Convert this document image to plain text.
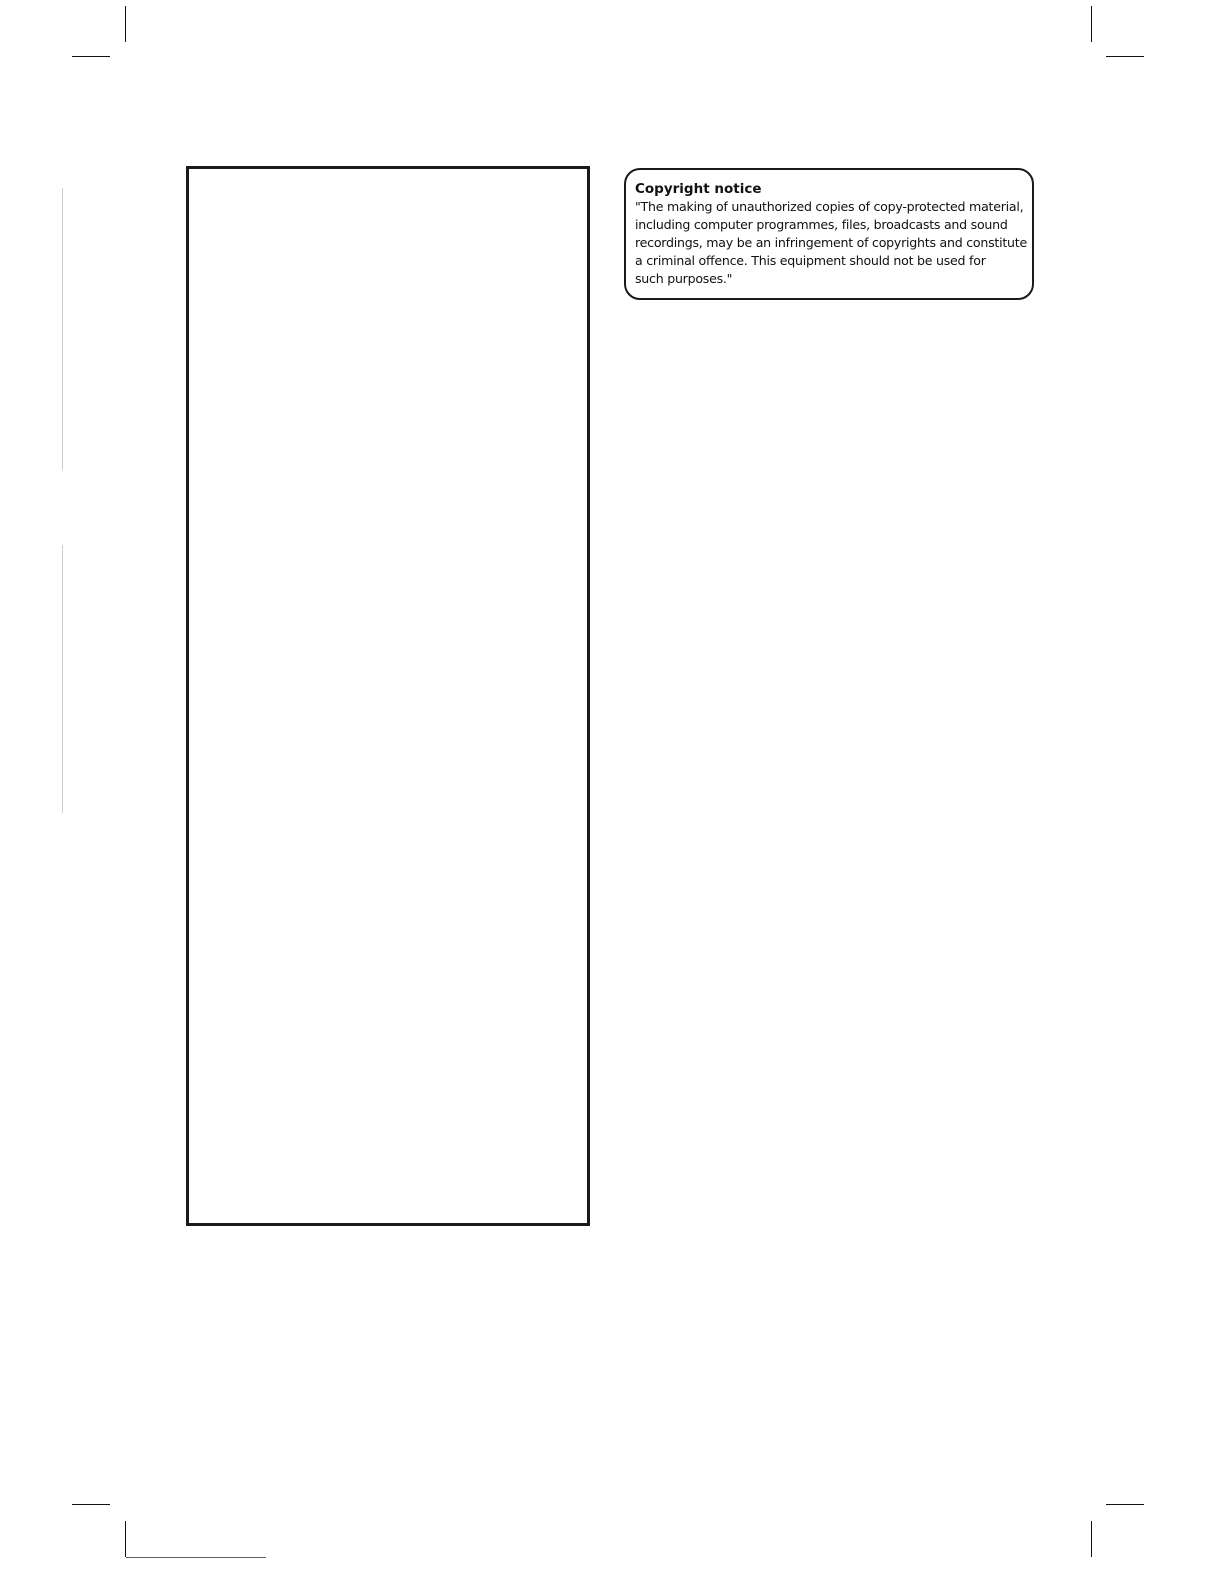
Copyright notice

"The making of unauthorized copies of copy-protected material,

including computer programmes, files, broadcasts and sound

recordings, may be an infringement of copyrights and constitute

a criminal offence. This equipment should not be used for

such purposes."
